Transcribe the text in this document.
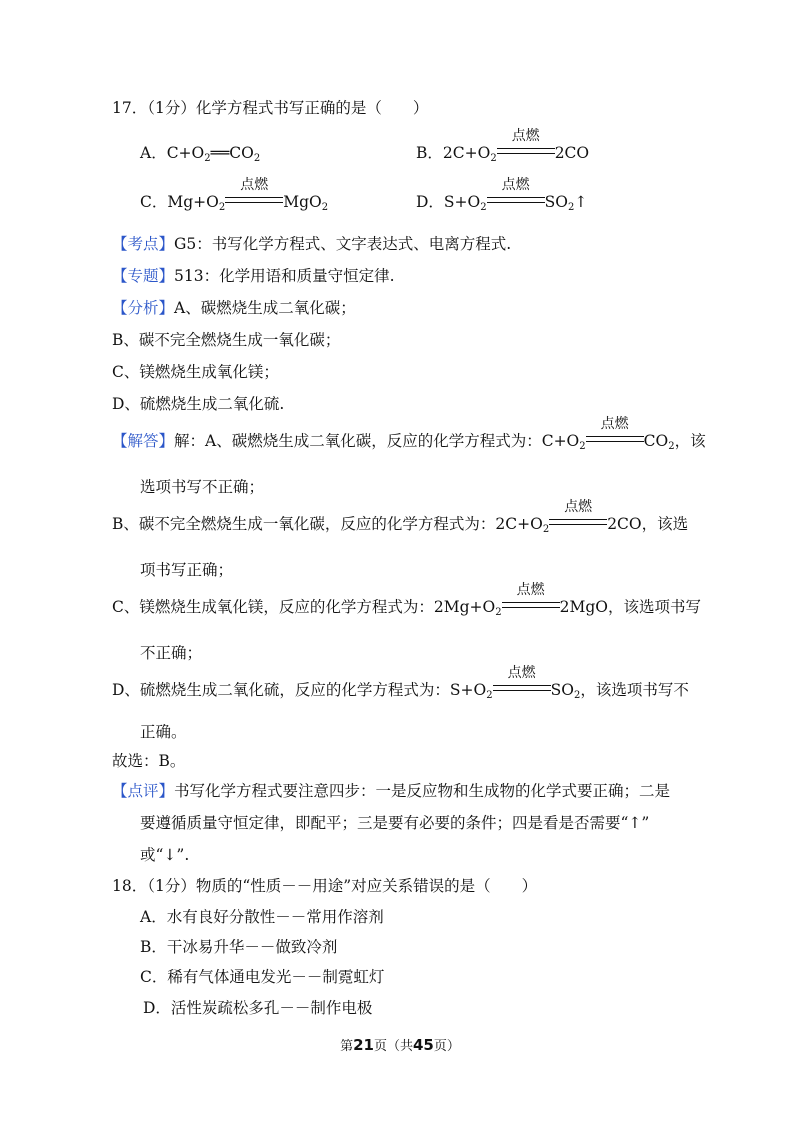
17．（1分）化学方程式书写正确的是（　　）
A．$C+O_2══CO_2$	B．$2C+O_2$
点燃
2CO
C．$Mg+O_2$
点燃
MgO$_2$	D．$S+O_2$
点燃
$SO_2↑$
【考点】G5：书写化学方程式、文字表达式、电离方程式.
【专题】513：化学用语和质量守恒定律.
【分析】A、碳燃烧生成二氧化碳；
B、碳不完全燃烧生成一氧化碳；
C、镁燃烧生成氧化镁；
D、硫燃烧生成二氧化硫.
【解答】解：A、碳燃烧生成二氧化碳，反应的化学方程式为：$C+O_2$
点燃
$CO_2$，该
选项书写不正确；
B、碳不完全燃烧生成一氧化碳，反应的化学方程式为：$2C+O_2$
点燃
2CO，该选
项书写正确；
C、镁燃烧生成氧化镁，反应的化学方程式为：$2Mg+O_2$
点燃
2MgO，该选项书写
不正确；
D、硫燃烧生成二氧化硫，反应的化学方程式为：$S+O_2$
点燃
$SO_2$，该选项书写不
正确。
故选：B。
【点评】书写化学方程式要注意四步：一是反应物和生成物的化学式要正确；二是
要遵循质量守恒定律，即配平；三是要有必要的条件；四是看是否需要“↑”
或“↓”.
18．（1分）物质的“性质－－用途”对应关系错误的是（　　）
A．水有良好分散性－－常用作溶剂
B．干冰易升华－－做致冷剂
C．稀有气体通电发光－－制霓虹灯
D．活性炭疏松多孔－－制作电极
第21页（共45页）
